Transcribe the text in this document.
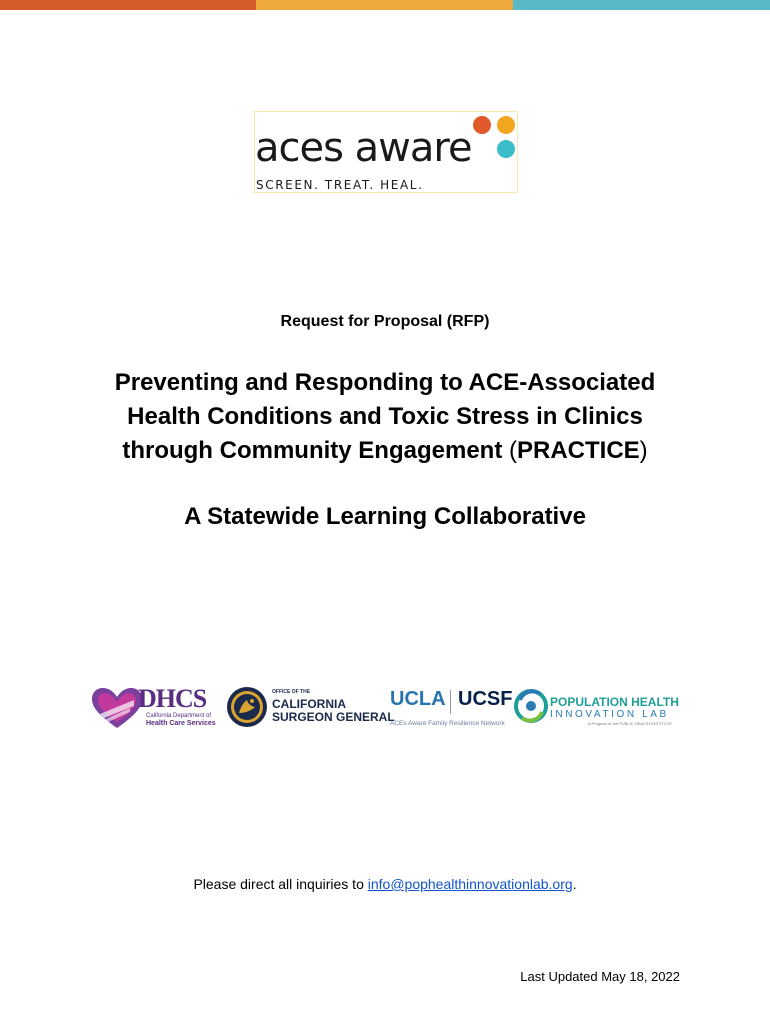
aces aware
SCREEN. TREAT. HEAL.
Request for Proposal (RFP)
Preventing and Responding to ACE-Associated
Health Conditions and Toxic Stress in Clinics
through Community Engagement (PRACTICE)
A Statewide Learning Collaborative
DHCS
California Department of
Health Care Services
OFFICE OF THE
CALIFORNIA
SURGEON GENERAL
UCLA UCSF
ACEs Aware Family Resilience Network
POPULATION HEALTH
INNOVATION LAB
A Program of the PUBLIC HEALTH INSTITUTE
Please direct all inquiries to info@pophealthinnovationlab.org.
Last Updated May 18, 2022
